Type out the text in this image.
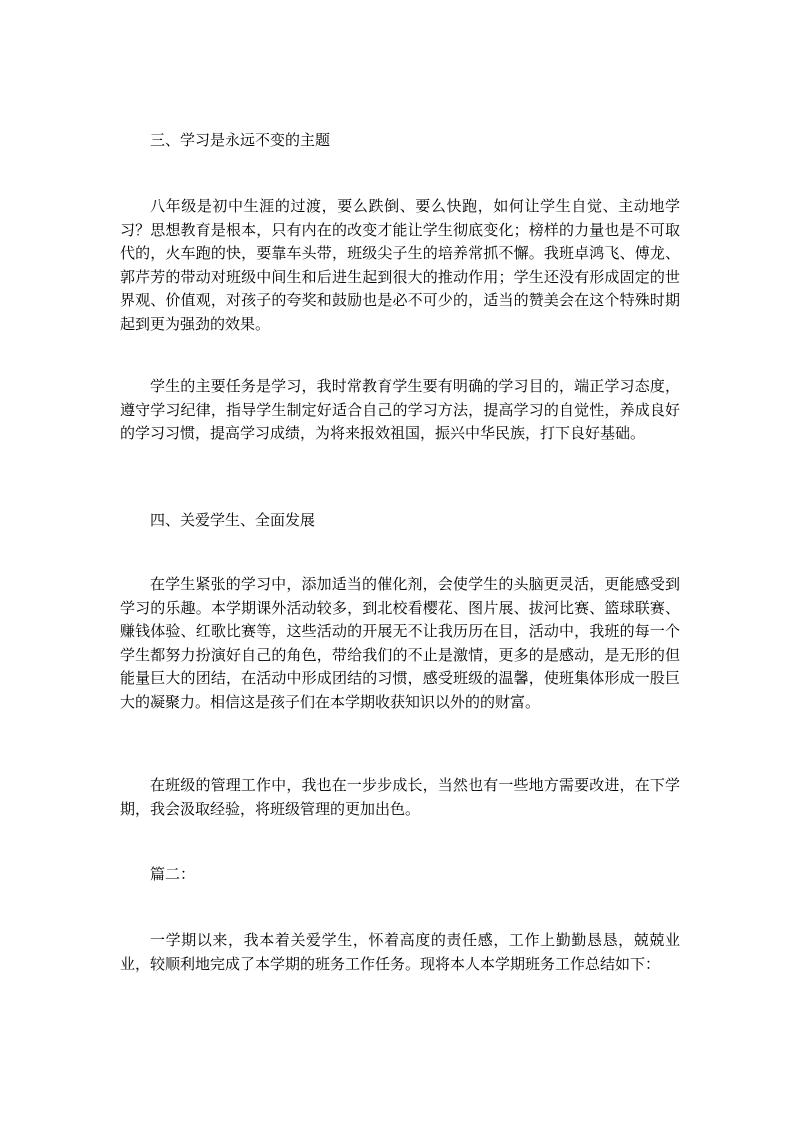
三、学习是永远不变的主题
八年级是初中生涯的过渡，要么跌倒、要么快跑，如何让学生自觉、主动地学习？思想教育是根本，只有内在的改变才能让学生彻底变化；榜样的力量也是不可取代的，火车跑的快，要靠车头带，班级尖子生的培养常抓不懈。我班卓鸿飞、傅龙、郭芹芳的带动对班级中间生和后进生起到很大的推动作用；学生还没有形成固定的世界观、价值观，对孩子的夸奖和鼓励也是必不可少的，适当的赞美会在这个特殊时期起到更为强劲的效果。
学生的主要任务是学习，我时常教育学生要有明确的学习目的，端正学习态度，遵守学习纪律，指导学生制定好适合自己的学习方法，提高学习的自觉性，养成良好的学习习惯，提高学习成绩，为将来报效祖国，振兴中华民族，打下良好基础。
四、关爱学生、全面发展
在学生紧张的学习中，添加适当的催化剂，会使学生的头脑更灵活，更能感受到学习的乐趣。本学期课外活动较多，到北校看樱花、图片展、拔河比赛、篮球联赛、赚钱体验、红歌比赛等，这些活动的开展无不让我历历在目，活动中，我班的每一个学生都努力扮演好自己的角色，带给我们的不止是激情，更多的是感动，是无形的但能量巨大的团结，在活动中形成团结的习惯，感受班级的温馨，使班集体形成一股巨大的凝聚力。相信这是孩子们在本学期收获知识以外的的财富。
在班级的管理工作中，我也在一步步成长，当然也有一些地方需要改进，在下学期，我会汲取经验，将班级管理的更加出色。
篇二：
一学期以来，我本着关爱学生，怀着高度的责任感，工作上勤勤恳恳，兢兢业业，较顺利地完成了本学期的班务工作任务。现将本人本学期班务工作总结如下：
